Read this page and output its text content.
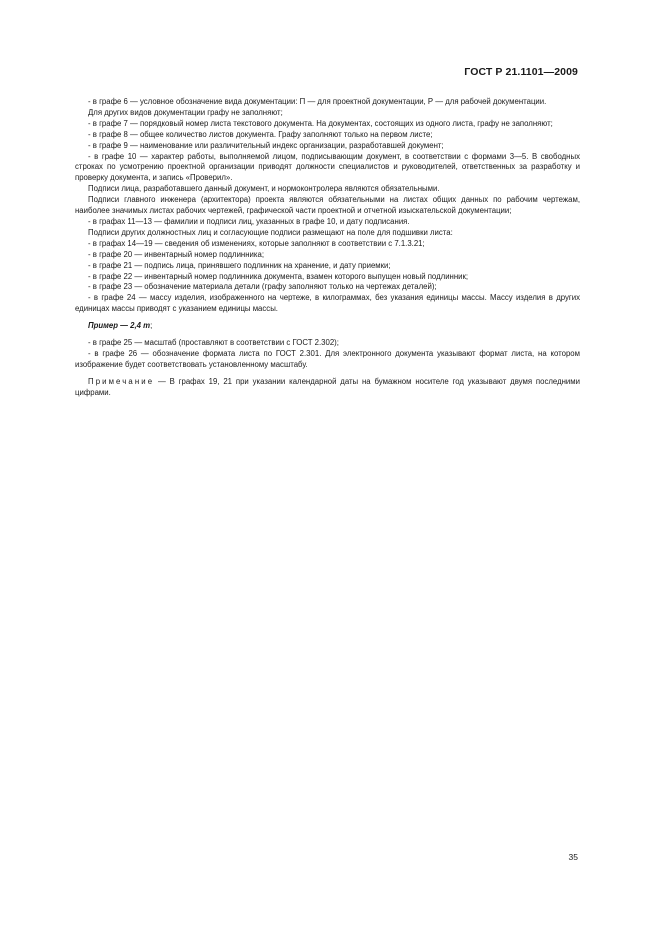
ГОСТ Р 21.1101—2009

- в графе 6 — условное обозначение вида документации: П — для проектной документации, Р — для рабочей документации.

Для других видов документации графу не заполняют;

- в графе 7 — порядковый номер листа текстового документа. На документах, состоящих из одного листа, графу не заполняют;

- в графе 8 — общее количество листов документа. Графу заполняют только на первом листе;

- в графе 9 — наименование или различительный индекс организации, разработавшей документ;

- в графе 10 — характер работы, выполняемой лицом, подписывающим документ, в соответствии с формами 3—5. В свободных строках по усмотрению проектной организации приводят должности специалистов и руководителей, ответственных за разработку и проверку документа, и запись «Проверил».

Подписи лица, разработавшего данный документ, и нормоконтролера являются обязательными.

Подписи главного инженера (архитектора) проекта являются обязательными на листах общих данных по рабочим чертежам, наиболее значимых листах рабочих чертежей, графической части проектной и отчетной изыскательской документации;

- в графах 11—13 — фамилии и подписи лиц, указанных в графе 10, и дату подписания.

Подписи других должностных лиц и согласующие подписи размещают на поле для подшивки листа:

- в графах 14—19 — сведения об изменениях, которые заполняют в соответствии с 7.1.3.21;

- в графе 20 — инвентарный номер подлинника;

- в графе 21 — подпись лица, принявшего подлинник на хранение, и дату приемки;

- в графе 22 — инвентарный номер подлинника документа, взамен которого выпущен новый подлинник;

- в графе 23 — обозначение материала детали (графу заполняют только на чертежах деталей);

- в графе 24 — массу изделия, изображенного на чертеже, в килограммах, без указания единицы массы. Массу изделия в других единицах массы приводят с указанием единицы массы.

Пример — 2,4 т;

- в графе 25 — масштаб (проставляют в соответствии с ГОСТ 2.302);

- в графе 26 — обозначение формата листа по ГОСТ 2.301. Для электронного документа указывают формат листа, на котором изображение будет соответствовать установленному масштабу.

Примечание — В графах 19, 21 при указании календарной даты на бумажном носителе год указывают двумя последними цифрами.

35
